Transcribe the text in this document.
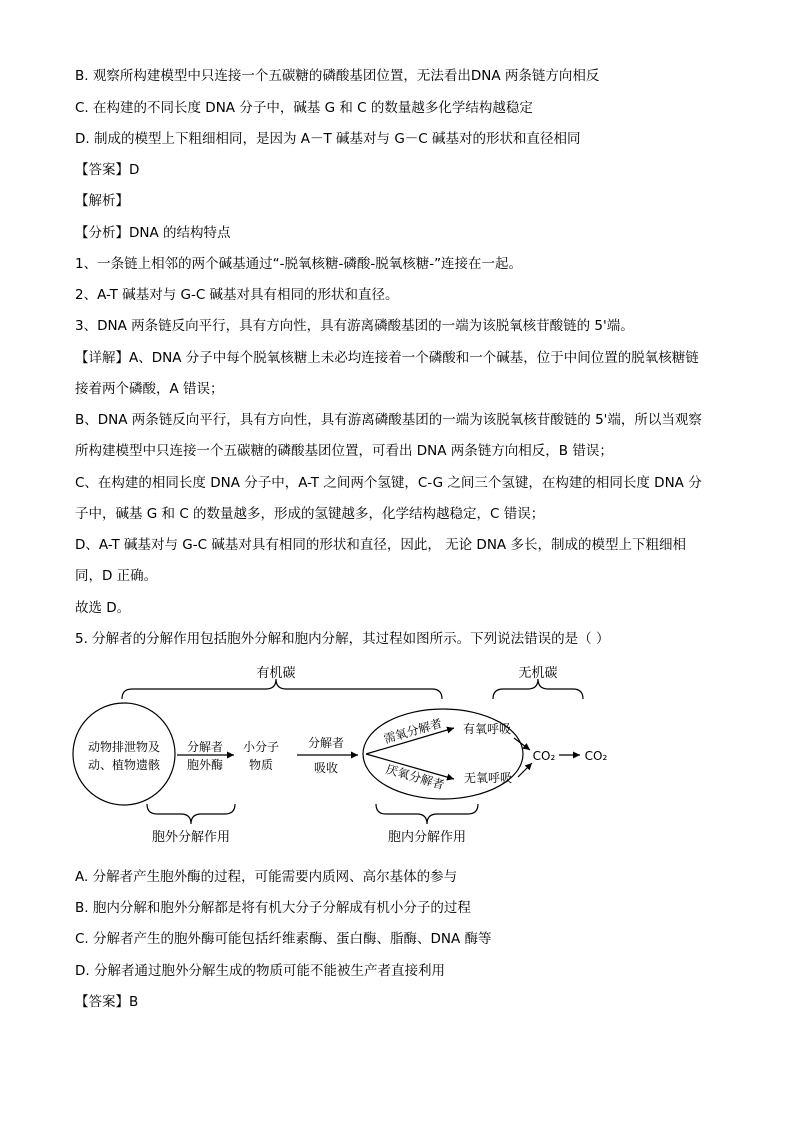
B. 观察所构建模型中只连接一个五碳糖的磷酸基团位置，无法看出DNA 两条链方向相反
C. 在构建的不同长度 DNA 分子中，碱基 G 和 C 的数量越多化学结构越稳定
D. 制成的模型上下粗细相同，是因为 A－T 碱基对与 G－C 碱基对的形状和直径相同
【答案】D
【解析】
【分析】DNA 的结构特点
1、一条链上相邻的两个碱基通过“-脱氧核糖-磷酸-脱氧核糖-”连接在一起。
2、A-T 碱基对与 G-C 碱基对具有相同的形状和直径。
3、DNA 两条链反向平行，具有方向性，具有游离磷酸基团的一端为该脱氧核苷酸链的 5'端。
【详解】A、DNA 分子中每个脱氧核糖上未必均连接着一个磷酸和一个碱基，位于中间位置的脱氧核糖链
接着两个磷酸，A 错误；
B、DNA 两条链反向平行，具有方向性，具有游离磷酸基团的一端为该脱氧核苷酸链的 5'端，所以当观察
所构建模型中只连接一个五碳糖的磷酸基团位置，可看出 DNA 两条链方向相反，B 错误；
C、在构建的相同长度 DNA 分子中，A-T 之间两个氢键，C-G 之间三个氢键，在构建的相同长度 DNA 分
子中，碱基 G 和 C 的数量越多，形成的氢键越多，化学结构越稳定，C 错误；
D、A-T 碱基对与 G-C 碱基对具有相同的形状和直径，因此， 无论 DNA 多长，制成的模型上下粗细相
同，D 正确。
故选 D。
5. 分解者的分解作用包括胞外分解和胞内分解，其过程如图所示。下列说法错误的是（ ）
有机碳	无机碳
动物排泄物及
动、植物遗骸
分解者
胞外酶
小分子
物质
分解者
吸收
需氧分解者
厌氧分解者
有氧呼吸
无氧呼吸
CO₂ CO₂
胞外分解作用	胞内分解作用
A. 分解者产生胞外酶的过程，可能需要内质网、高尔基体的参与
B. 胞内分解和胞外分解都是将有机大分子分解成有机小分子的过程
C. 分解者产生的胞外酶可能包括纤维素酶、蛋白酶、脂酶、DNA 酶等
D. 分解者通过胞外分解生成的物质可能不能被生产者直接利用
【答案】B
